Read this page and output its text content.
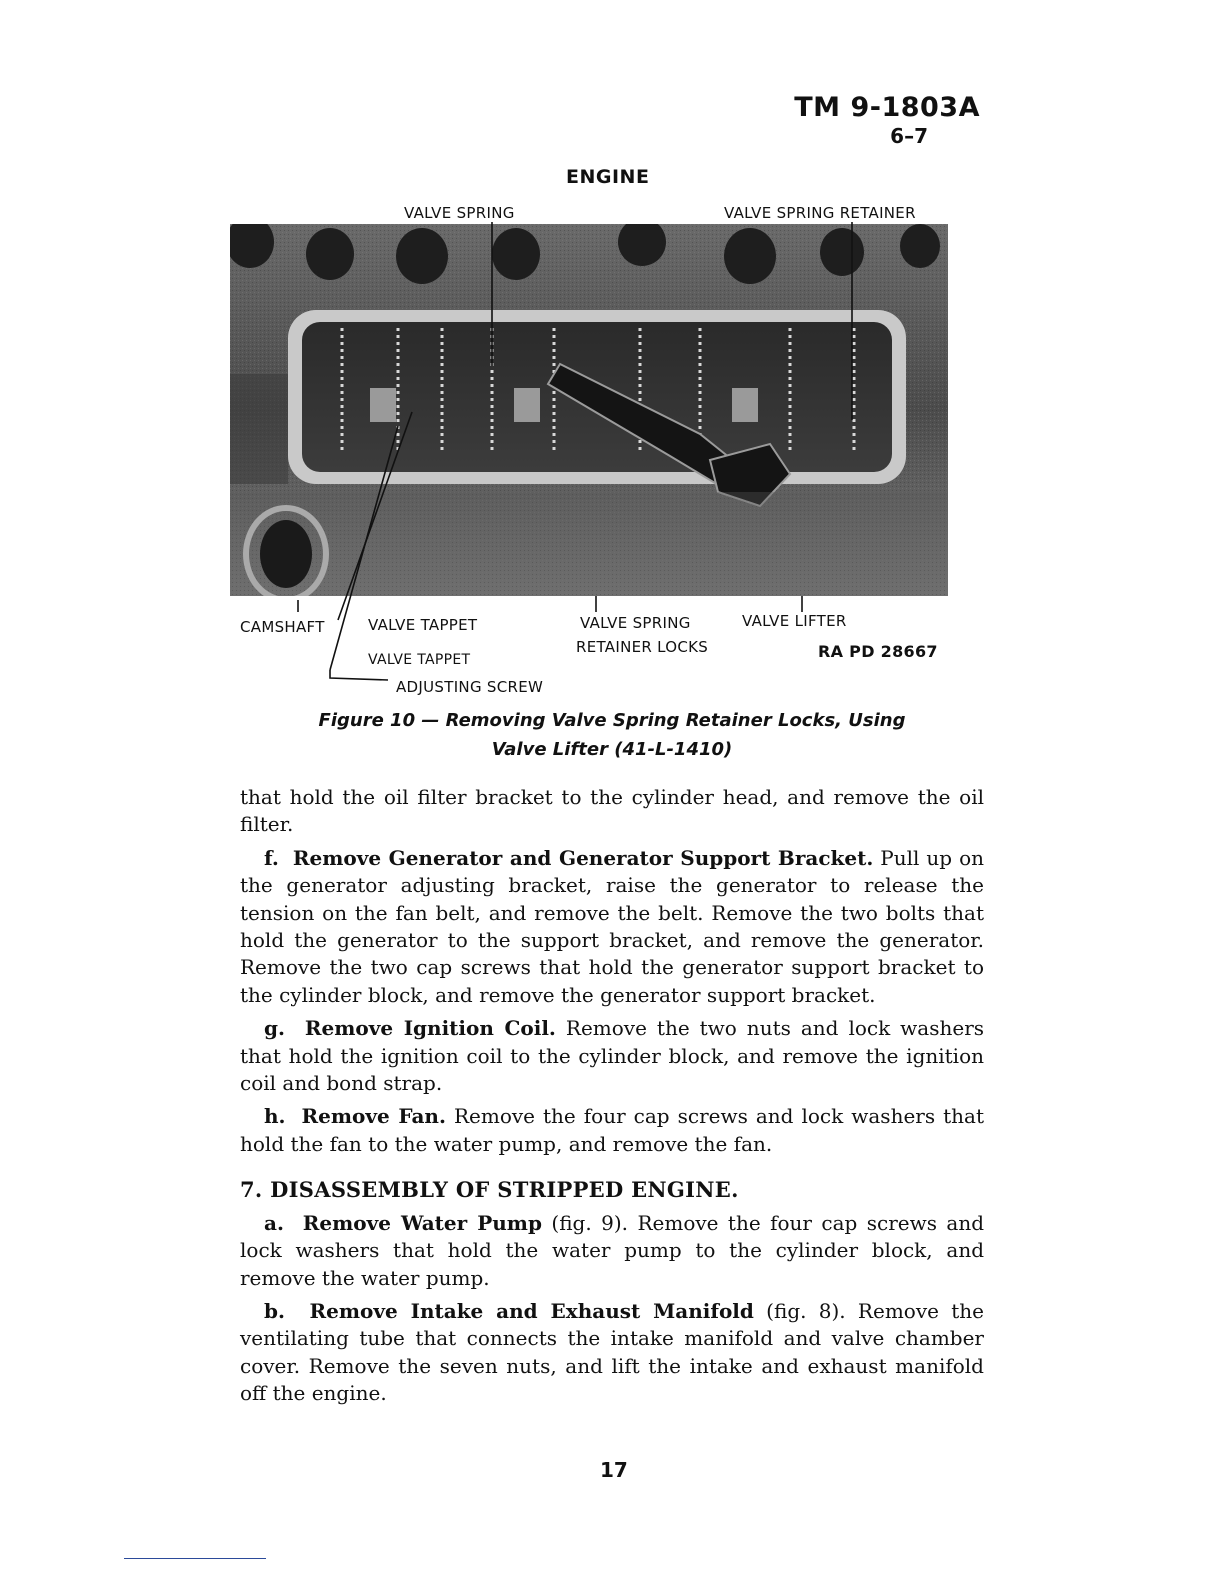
TM 9-1803A
6–7
ENGINE
VALVE SPRING	VALVE SPRING RETAINER
CAMSHAFT	VALVE TAPPET
VALVE TAPPET
ADJUSTING SCREW
VALVE SPRING
RETAINER LOCKS
VALVE LIFTER
RA PD 28667
Figure 10 — Removing Valve Spring Retainer Locks, Using
Valve Lifter (41-L-1410)

that hold the oil filter bracket to the cylinder head, and remove the oil filter.

f. Remove Generator and Generator Support Bracket. Pull up on the generator adjusting bracket, raise the generator to release the tension on the fan belt, and remove the belt. Remove the two bolts that hold the generator to the support bracket, and remove the generator. Remove the two cap screws that hold the generator support bracket to the cylinder block, and remove the generator support bracket.

g. Remove Ignition Coil. Remove the two nuts and lock washers that hold the ignition coil to the cylinder block, and remove the ignition coil and bond strap.

h. Remove Fan. Remove the four cap screws and lock washers that hold the fan to the water pump, and remove the fan.

7. DISASSEMBLY OF STRIPPED ENGINE.

a. Remove Water Pump (fig. 9). Remove the four cap screws and lock washers that hold the water pump to the cylinder block, and remove the water pump.

b. Remove Intake and Exhaust Manifold (fig. 8). Remove the ventilating tube that connects the intake manifold and valve chamber cover. Remove the seven nuts, and lift the intake and exhaust manifold off the engine.

17
